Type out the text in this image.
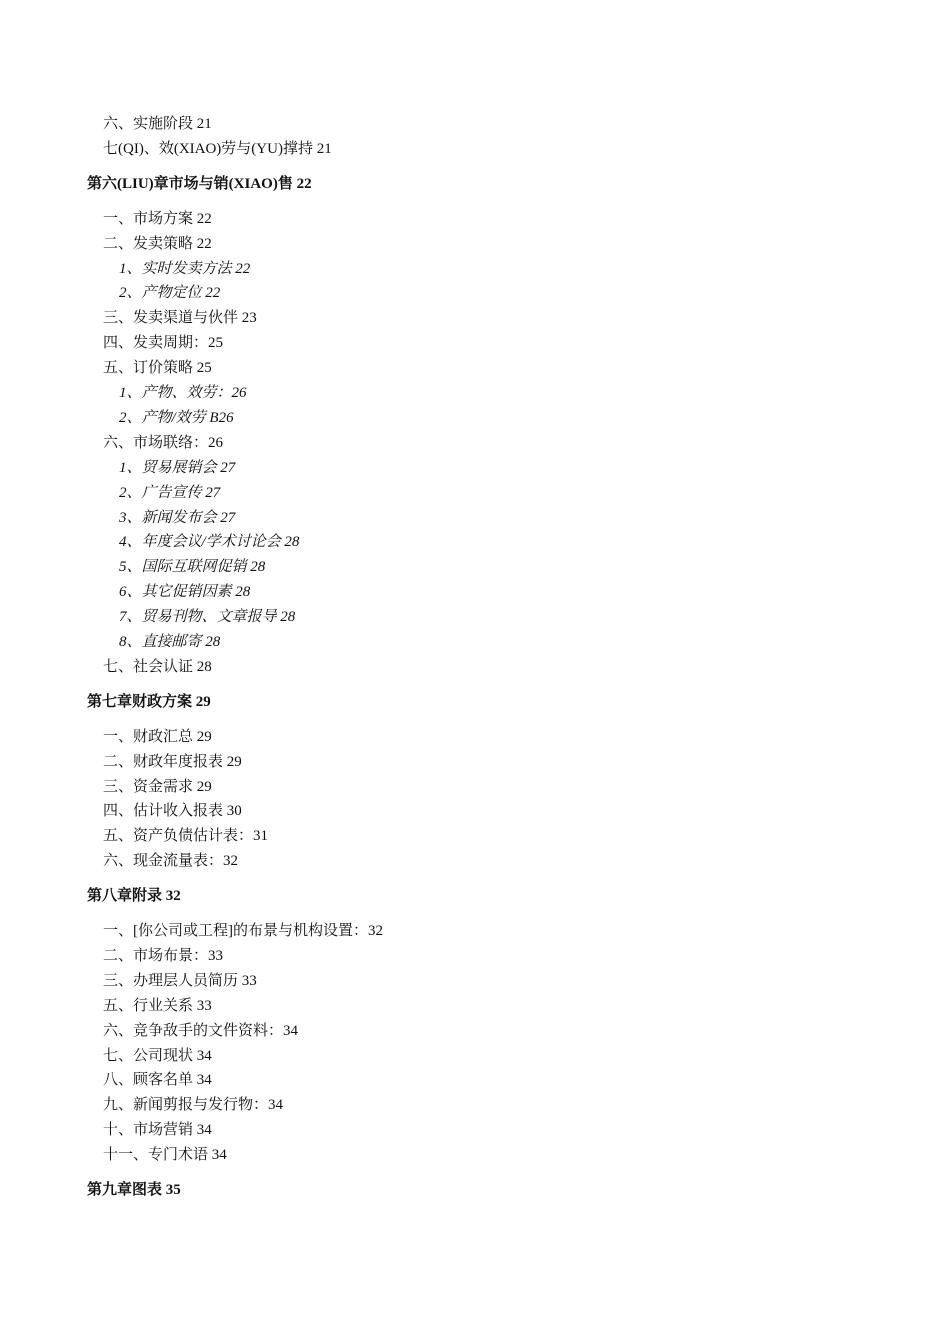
六、实施阶段 21
七(QI)、效(XIAO)劳与(YU)撑持 21
第六(LIU)章市场与销(XIAO)售 22
一、市场方案 22
二、发卖策略 22
1、实时发卖方法 22
2、产物定位 22
三、发卖渠道与伙伴 23
四、发卖周期：25
五、订价策略 25
1、产物、效劳：26
2、产物/效劳 B26
六、市场联络：26
1、贸易展销会 27
2、广告宣传 27
3、新闻发布会 27
4、年度会议/学术讨论会 28
5、国际互联网促销 28
6、其它促销因素 28
7、贸易刊物、文章报导 28
8、直接邮寄 28
七、社会认证 28
第七章财政方案 29
一、财政汇总 29
二、财政年度报表 29
三、资金需求 29
四、估计收入报表 30
五、资产负债估计表：31
六、现金流量表：32
第八章附录 32
一、[你公司或工程]的布景与机构设置：32
二、市场布景：33
三、办理层人员简历 33
五、行业关系 33
六、竞争敌手的文件资料：34
七、公司现状 34
八、顾客名单 34
九、新闻剪报与发行物：34
十、市场营销 34
十一、专门术语 34
第九章图表 35
